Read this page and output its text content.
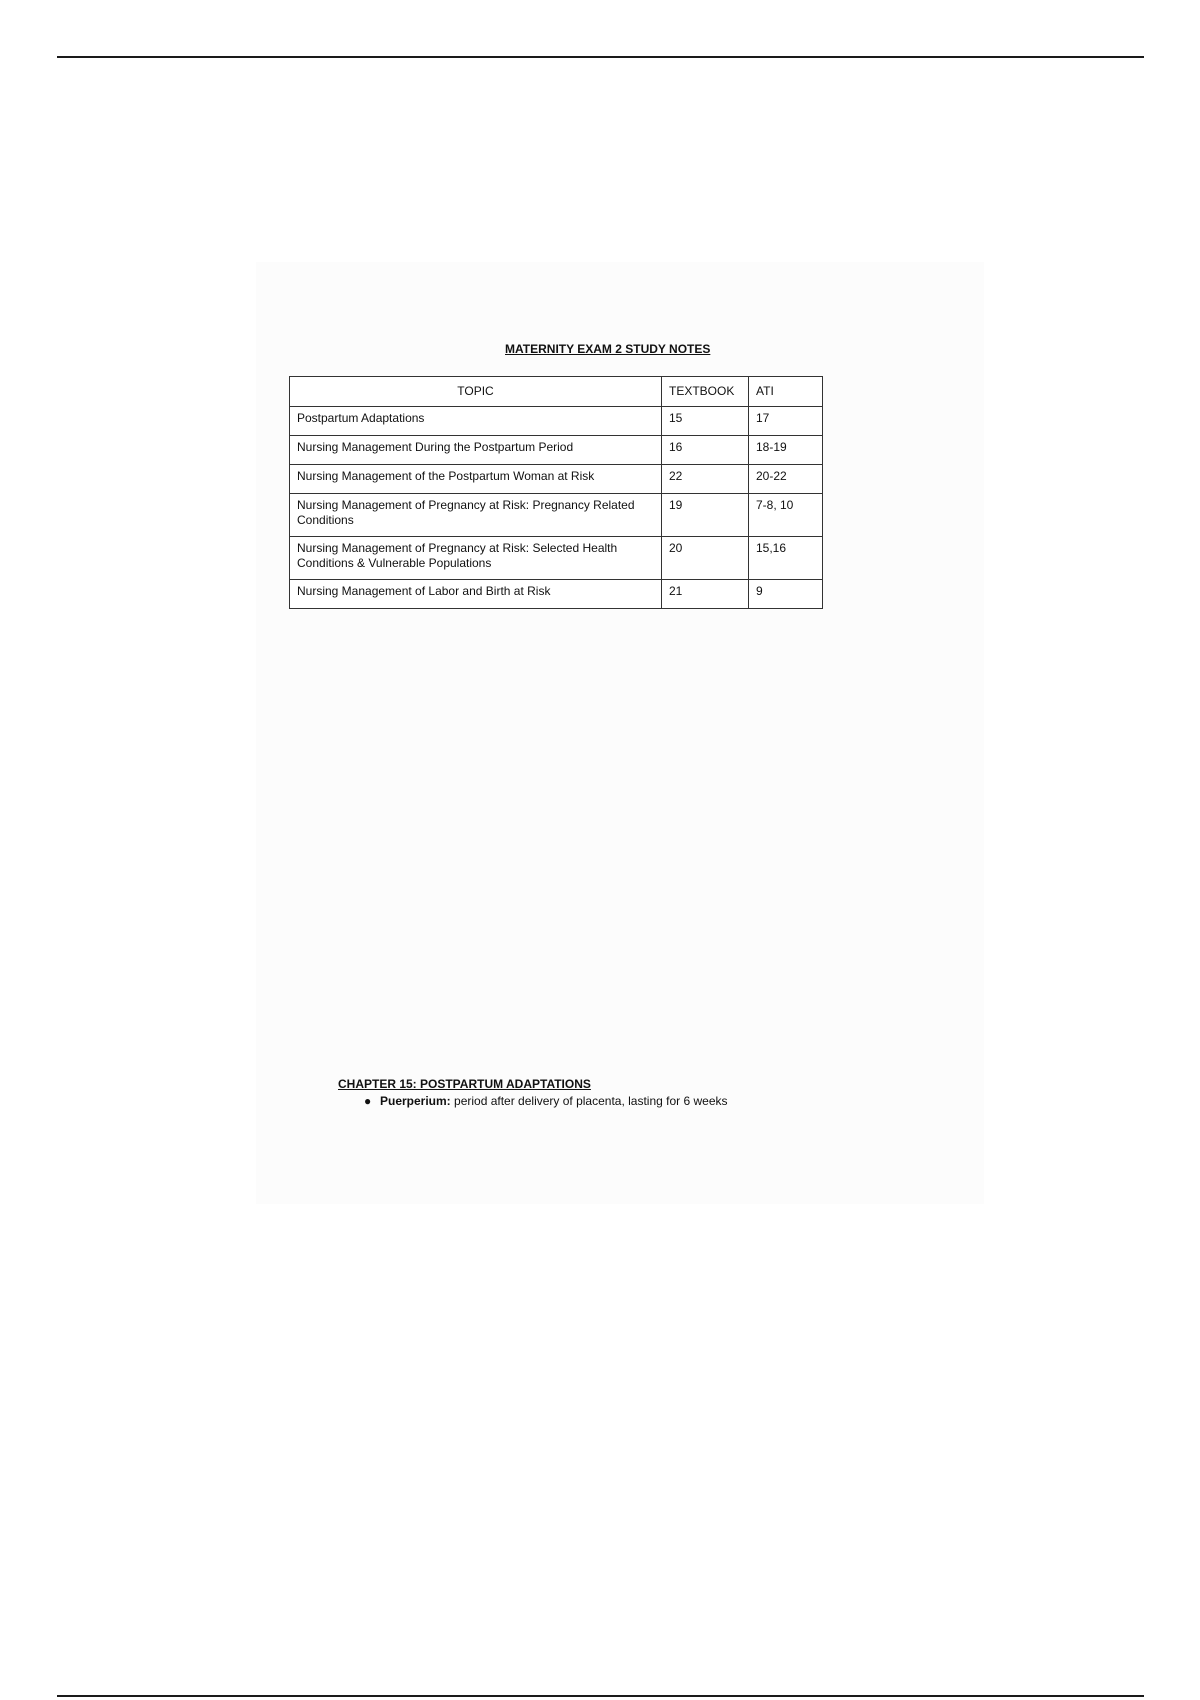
MATERNITY EXAM 2 STUDY NOTES
TOPIC	TEXTBOOK	ATI
Postpartum Adaptations	15	17
Nursing Management During the Postpartum Period	16	18-19
Nursing Management of the Postpartum Woman at Risk	22	20-22
Nursing Management of Pregnancy at Risk: Pregnancy Related Conditions	19	7-8, 10
Nursing Management of Pregnancy at Risk: Selected Health Conditions & Vulnerable Populations	20	15,16
Nursing Management of Labor and Birth at Risk	21	9
CHAPTER 15: POSTPARTUM ADAPTATIONS
● Puerperium: period after delivery of placenta, lasting for 6 weeks
